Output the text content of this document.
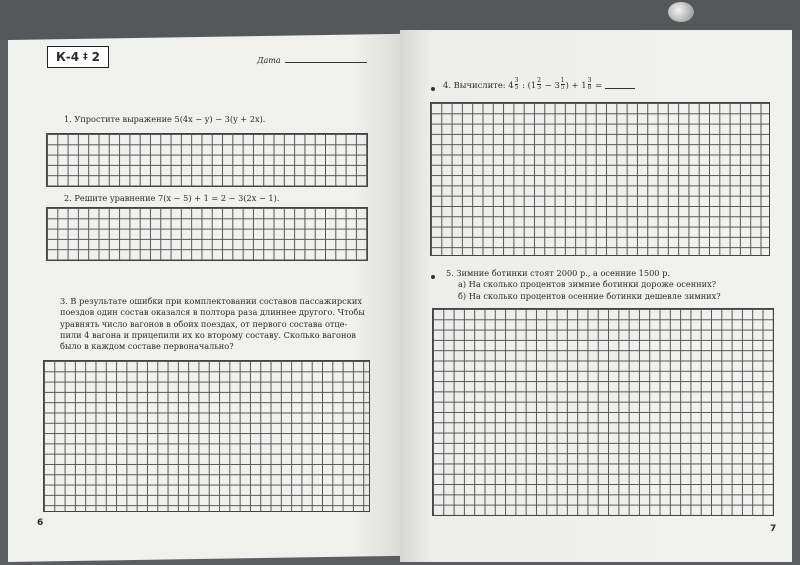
К-4 ‡ 2	Дата
1. Упростите выражение 5(4x − y) − 3(y + 2x).
2. Решите уравнение 7(x − 5) + 1 = 2 − 3(2x − 1).
3. В результате ошибки при комплектовании составов пассажирских
поездов один состав оказался в полтора раза длиннее другого. Чтобы
уравнять число вагонов в обоих поездах, от первого состава отце-
пили 4 вагона и прицепили их ко второму составу. Сколько вагонов
было в каждом составе первоначально?
6
4. Вычислите:
$4 \frac{3}{5}$
: ( $1 \frac{2}{3}$
−
$3 \frac{1}{5}$ ) +
$1 \frac{3}{8}$
=
5. Зимние ботинки стоят 2000 р., а осенние 1500 р.
а) На сколько процентов зимние ботинки дороже осенних?
б) На сколько процентов осенние ботинки дешевле зимних?
7
